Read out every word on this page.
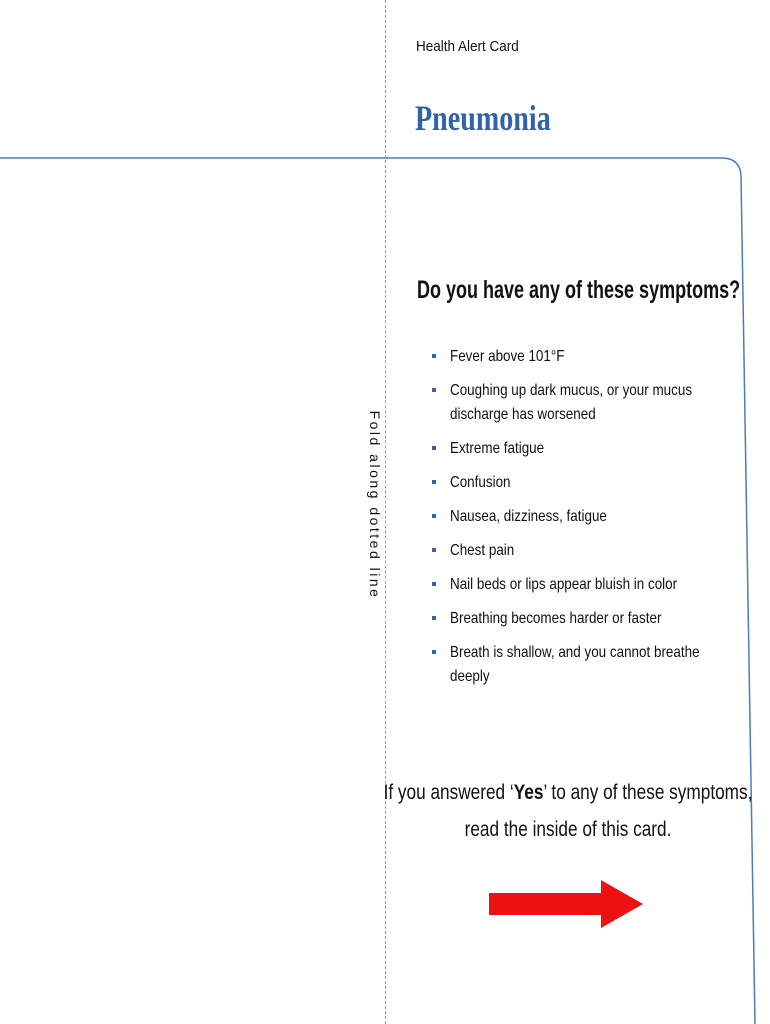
Fold along dotted line
Health Alert Card
Pneumonia
Do you have any of these symptoms?
Fever above 101°F
Coughing up dark mucus, or your mucus discharge has worsened
Extreme fatigue
Confusion
Nausea, dizziness, fatigue
Chest pain
Nail beds or lips appear bluish in color
Breathing becomes harder or faster
Breath is shallow, and you cannot breathe deeply
If you answered ‘Yes’ to any of these symptoms,
read the inside of this card.
